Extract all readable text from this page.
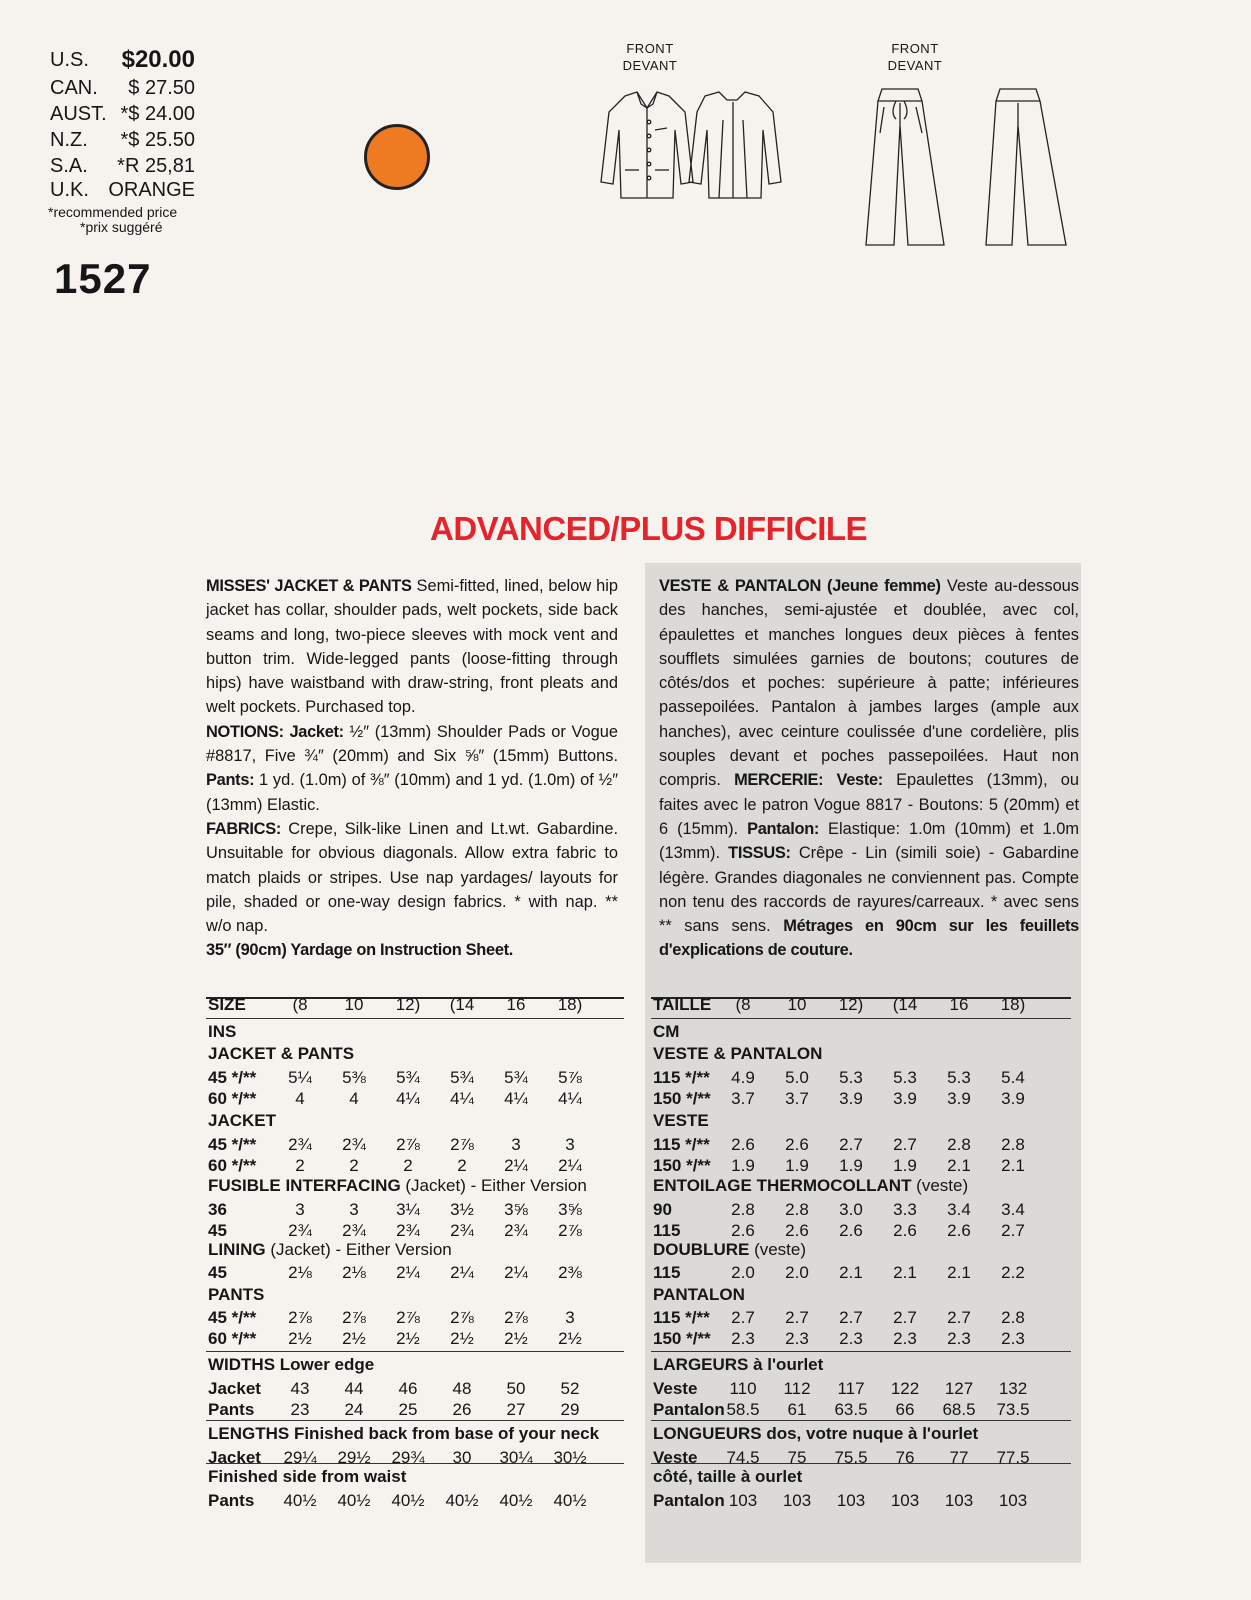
U.S. $20.00
CAN. $ 27.50
AUST. *$ 24.00
N.Z. *$ 25.50
S.A. *R 25,81
U.K. ORANGE
*recommended price
*prix suggéré
1527
FRONT
DEVANT
FRONT
DEVANT
ADVANCED/PLUS DIFFICILE

MISSES' JACKET & PANTS Semi-fitted, lined, below hip jacket has collar, shoulder pads, welt pockets, side back seams and long, two-piece sleeves with mock vent and button trim. Wide-legged pants (loose-fitting through hips) have waistband with draw-string, front pleats and welt pockets. Purchased top.

NOTIONS: Jacket: ½″ (13mm) Shoulder Pads or Vogue #8817, Five ¾″ (20mm) and Six ⅝″ (15mm) Buttons. Pants: 1 yd. (1.0m) of ⅜″ (10mm) and 1 yd. (1.0m) of ½″ (13mm) Elastic.

FABRICS: Crepe, Silk-like Linen and Lt.wt. Gabardine. Unsuitable for obvious diagonals. Allow extra fabric to match plaids or stripes. Use nap yardages/ layouts for pile, shaded or one-way design fabrics. * with nap. ** w/o nap.

35″ (90cm) Yardage on Instruction Sheet.

VESTE & PANTALON (Jeune femme) Veste au-dessous des hanches, semi-ajustée et doublée, avec col, épaulettes et manches longues deux pièces à fentes soufflets simulées garnies de boutons; coutures de côtés/dos et poches: supérieure à patte; inférieures passepoilées. Pantalon à jambes larges (ample aux hanches), avec ceinture coulissée d'une cordelière, plis souples devant et poches passepoilées. Haut non compris. MERCERIE: Veste: Epaulettes (13mm), ou faites avec le patron Vogue 8817 - Boutons: 5 (20mm) et 6 (15mm). Pantalon: Elastique: 1.0m (10mm) et 1.0m (13mm). TISSUS: Crêpe - Lin (simili soie) - Gabardine légère. Grandes diagonales ne conviennent pas. Compte non tenu des raccords de rayures/carreaux. * avec sens ** sans sens. Métrages en 90cm sur les feuillets d'explications de couture.

SIZE	(8	10	12)	(14	16	18)
INS
JACKET & PANTS
45 */**	5¼	5⅜	5¾	5¾	5¾	5⅞
60 */**	4	4	4¼	4¼	4¼	4¼
JACKET
45 */**	2¾	2¾	2⅞	2⅞	3	3
60 */**	2	2	2	2	2¼	2¼
FUSIBLE INTERFACING (Jacket) - Either Version
36	3	3	3¼	3½	3⅝	3⅝
45	2¾	2¾	2¾	2¾	2¾	2⅞
LINING (Jacket) - Either Version
45	2⅛	2⅛	2¼	2¼	2¼	2⅜
PANTS
45 */**	2⅞	2⅞	2⅞	2⅞	2⅞	3
60 */**	2½	2½	2½	2½	2½	2½
WIDTHS Lower edge
Jacket	43	44	46	48	50	52
Pants	23	24	25	26	27	29
LENGTHS Finished back from base of your neck
Jacket	29¼	29½	29¾	30	30¼	30½
Finished side from waist
Pants	40½	40½	40½	40½	40½	40½
TAILLE	(8	10	12)	(14	16	18)
CM
VESTE & PANTALON
115 */**	4.9	5.0	5.3	5.3	5.3	5.4
150 */**	3.7	3.7	3.9	3.9	3.9	3.9
VESTE
115 */**	2.6	2.6	2.7	2.7	2.8	2.8
150 */**	1.9	1.9	1.9	1.9	2.1	2.1
ENTOILAGE THERMOCOLLANT (veste)
90	2.8	2.8	3.0	3.3	3.4	3.4
115	2.6	2.6	2.6	2.6	2.6	2.7
DOUBLURE (veste)
115	2.0	2.0	2.1	2.1	2.1	2.2
PANTALON
115 */**	2.7	2.7	2.7	2.7	2.7	2.8
150 */**	2.3	2.3	2.3	2.3	2.3	2.3
LARGEURS à l'ourlet
Veste	110	112	117	122	127	132
Pantalon 58.5	61	63.5	66	68.5	73.5
LONGUEURS dos, votre nuque à l'ourlet
Veste	74.5	75	75.5	76	77	77.5
côté, taille à ourlet
Pantalon 103	103	103	103	103	103
